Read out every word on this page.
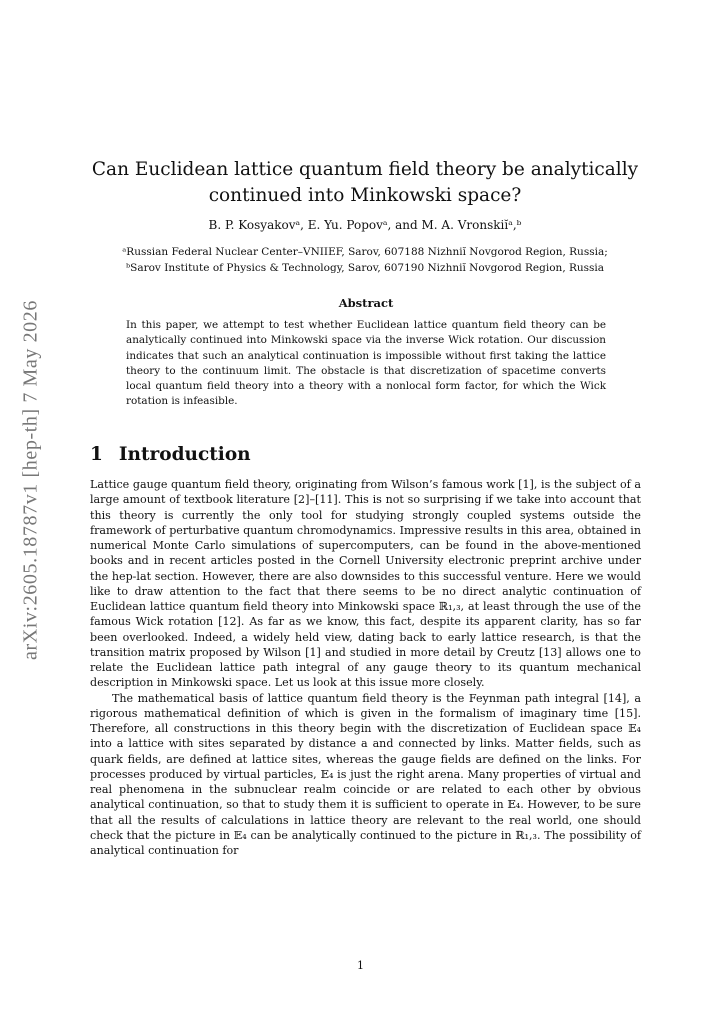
arXiv:2605.18787v1 [hep-th] 7 May 2026
Can Euclidean lattice quantum field theory be analytically continued into Minkowski space?
B. P. Kosyakovᵃ, E. Yu. Popovᵃ, and M. A. Vronskiĭᵃ,ᵇ
ᵃRussian Federal Nuclear Center–VNIIEF, Sarov, 607188 Nizhniĭ Novgorod Region, Russia;
ᵇSarov Institute of Physics & Technology, Sarov, 607190 Nizhniĭ Novgorod Region, Russia
Abstract
In this paper, we attempt to test whether Euclidean lattice quantum field theory can be analytically continued into Minkowski space via the inverse Wick rotation. Our discussion indicates that such an analytical continuation is impossible without first taking the lattice theory to the continuum limit. The obstacle is that discretization of spacetime converts local quantum field theory into a theory with a nonlocal form factor, for which the Wick rotation is infeasible.
1 Introduction

Lattice gauge quantum field theory, originating from Wilson’s famous work [1], is the subject of a large amount of textbook literature [2]–[11]. This is not so surprising if we take into account that this theory is currently the only tool for studying strongly coupled systems outside the framework of perturbative quantum chromodynamics. Impressive results in this area, obtained in numerical Monte Carlo simulations of supercomputers, can be found in the above-mentioned books and in recent articles posted in the Cornell University electronic preprint archive under the hep-lat section. However, there are also downsides to this successful venture. Here we would like to draw attention to the fact that there seems to be no direct analytic continuation of Euclidean lattice quantum field theory into Minkowski space ℝ₁,₃, at least through the use of the famous Wick rotation [12]. As far as we know, this fact, despite its apparent clarity, has so far been overlooked. Indeed, a widely held view, dating back to early lattice research, is that the transition matrix proposed by Wilson [1] and studied in more detail by Creutz [13] allows one to relate the Euclidean lattice path integral of any gauge theory to its quantum mechanical description in Minkowski space. Let us look at this issue more closely.

The mathematical basis of lattice quantum field theory is the Feynman path integral [14], a rigorous mathematical definition of which is given in the formalism of imaginary time [15]. Therefore, all constructions in this theory begin with the discretization of Euclidean space 𝔼₄ into a lattice with sites separated by distance a and connected by links. Matter fields, such as quark fields, are defined at lattice sites, whereas the gauge fields are defined on the links. For processes produced by virtual particles, 𝔼₄ is just the right arena. Many properties of virtual and real phenomena in the subnuclear realm coincide or are related to each other by obvious analytical continuation, so that to study them it is sufficient to operate in 𝔼₄. However, to be sure that all the results of calculations in lattice theory are relevant to the real world, one should check that the picture in 𝔼₄ can be analytically continued to the picture in ℝ₁,₃. The possibility of analytical continuation for

1
